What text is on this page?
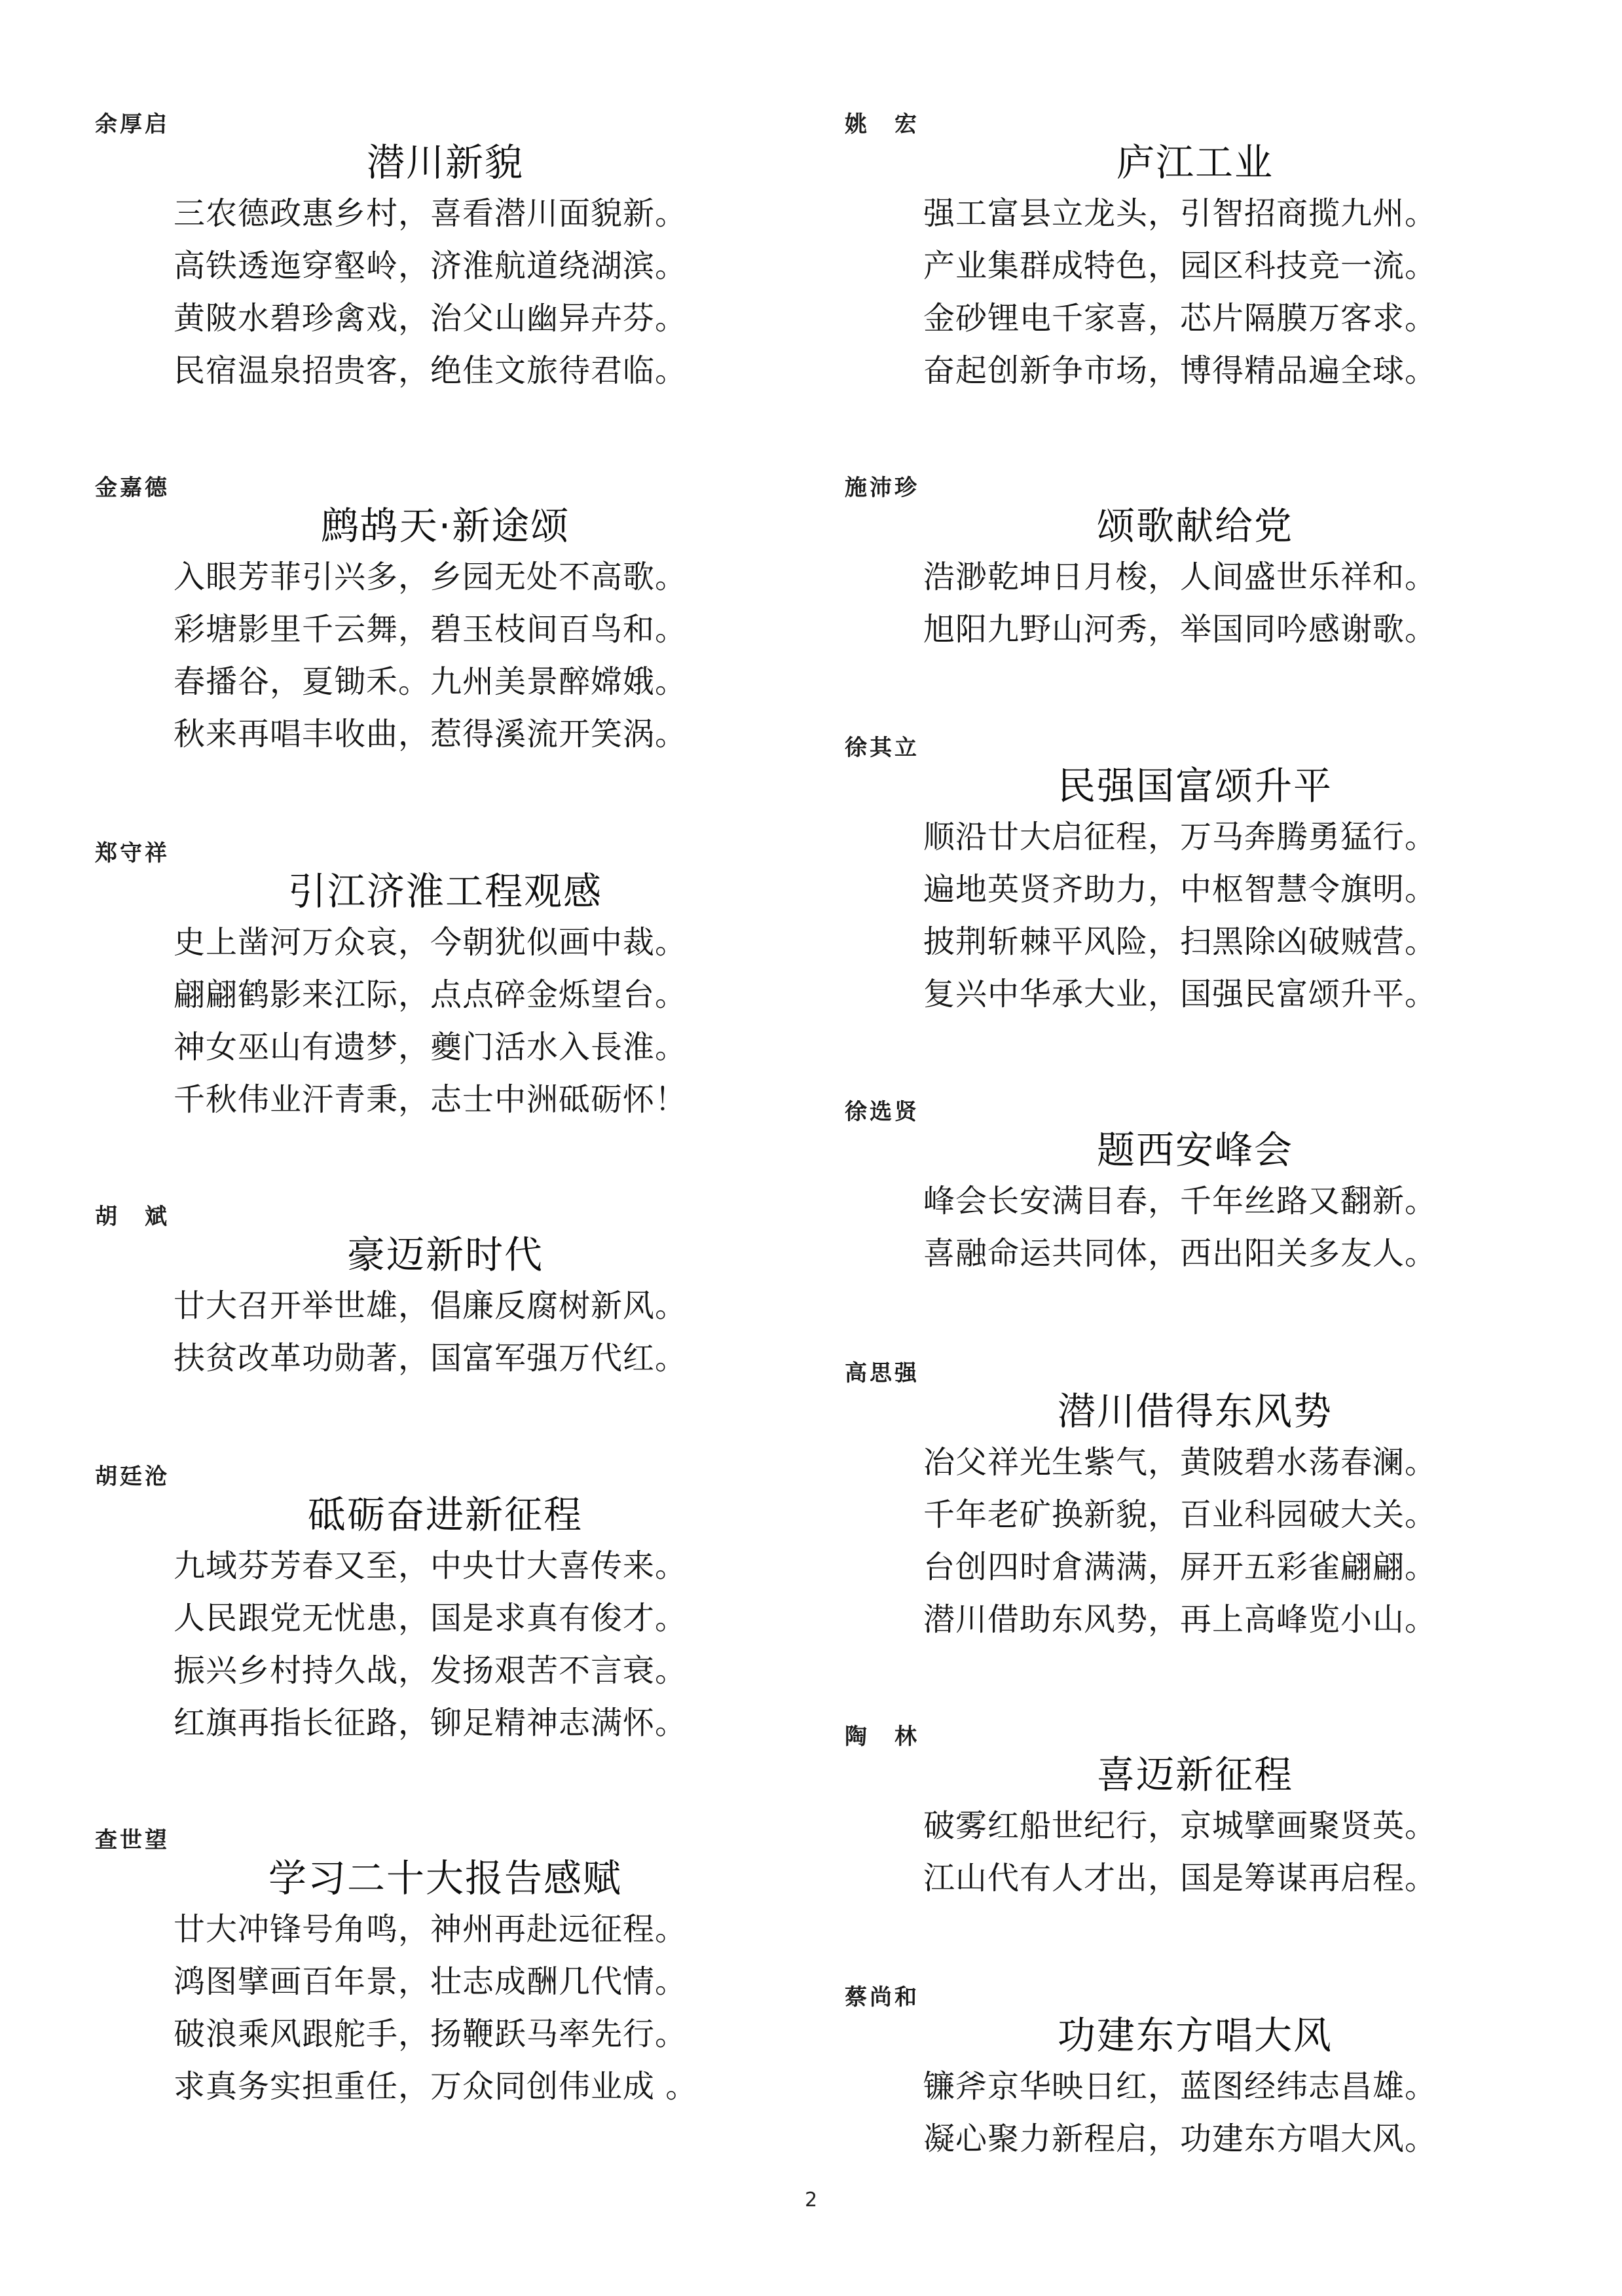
余厚启
潜川新貌
三农德政惠乡村，喜看潜川面貌新。
高铁透迤穿壑岭，济淮航道绕湖滨。
黄陂水碧珍禽戏，治父山幽异卉芬。
民宿温泉招贵客，绝佳文旅待君临。
金嘉德
鹧鸪天·新途颂
入眼芳菲引兴多，乡园无处不高歌。
彩塘影里千云舞，碧玉枝间百鸟和。
春播谷，夏锄禾。九州美景醉嫦娥。
秋来再唱丰收曲，惹得溪流开笑涡。
郑守祥
引江济淮工程观感
史上凿河万众哀，今朝犹似画中裁。
翩翩鹤影来江际，点点碎金烁望台。
神女巫山有遗梦，夔门活水入長淮。
千秋伟业汗青秉，志士中洲砥砺怀！
胡　斌
豪迈新时代
廿大召开举世雄，倡廉反腐树新风。
扶贫改革功勋著，国富军强万代红。
胡廷沧
砥砺奋进新征程
九域芬芳春又至，中央廿大喜传来。
人民跟党无忧患，国是求真有俊才。
振兴乡村持久战，发扬艰苦不言衰。
红旗再指长征路，铆足精神志满怀。
查世望
学习二十大报告感赋
廿大冲锋号角鸣，神州再赴远征程。
鸿图擘画百年景，壮志成酬几代情。
破浪乘风跟舵手，扬鞭跃马率先行。
求真务实担重任，万众同创伟业成 。
姚　宏
庐江工业
强工富县立龙头，引智招商揽九州。
产业集群成特色，园区科技竞一流。
金砂锂电千家喜，芯片隔膜万客求。
奋起创新争市场，博得精品遍全球。
施沛珍
颂歌献给党
浩渺乾坤日月梭，人间盛世乐祥和。
旭阳九野山河秀，举国同吟感谢歌。
徐其立
民强国富颂升平
顺沿廿大启征程，万马奔腾勇猛行。
遍地英贤齐助力，中枢智慧令旗明。
披荆斩棘平风险，扫黑除凶破贼营。
复兴中华承大业，国强民富颂升平。
徐选贤
题西安峰会
峰会长安满目春，千年丝路又翻新。
喜融命运共同体，西出阳关多友人。
高思强
潜川借得东风势
冶父祥光生紫气，黄陂碧水荡春澜。
千年老矿换新貌，百业科园破大关。
台创四时倉满满，屏开五彩雀翩翩。
潜川借助东风势，再上高峰览小山。
陶　林
喜迈新征程
破雾红船世纪行，京城擘画聚贤英。
江山代有人才出，国是筹谋再启程。
蔡尚和
功建东方唱大风
镰斧京华映日红，蓝图经纬志昌雄。
凝心聚力新程启，功建东方唱大风。
2
